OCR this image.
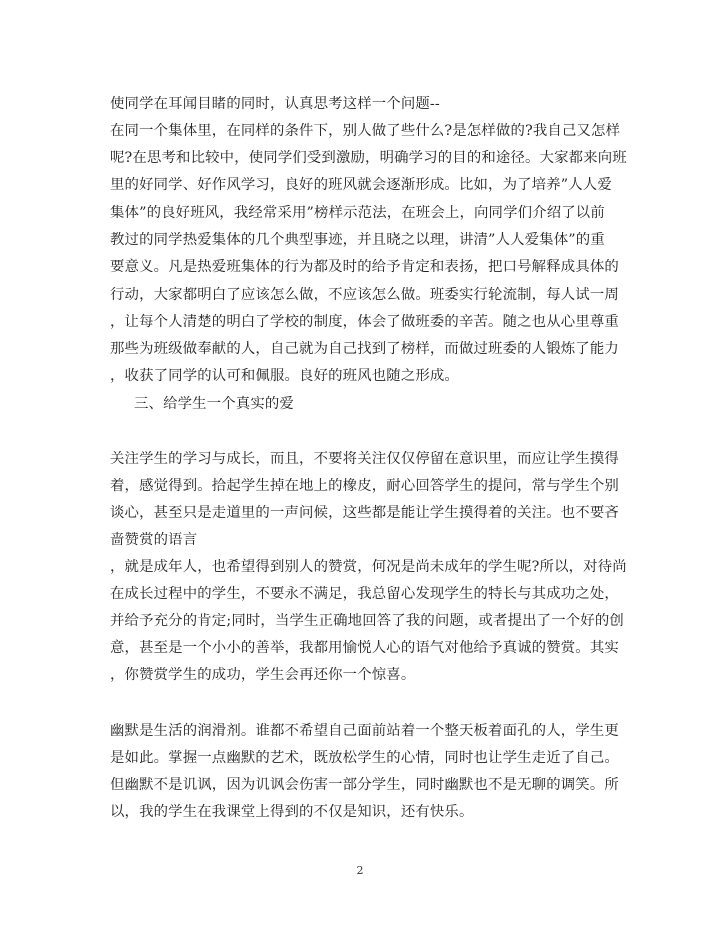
使同学在耳闻目睹的同时，认真思考这样一个问题--
在同一个集体里，在同样的条件下，别人做了些什么?是怎样做的?我自己又怎样
呢?在思考和比较中，使同学们受到激励，明确学习的目的和途径。大家都来向班
里的好同学、好作风学习，良好的班风就会逐渐形成。比如，为了培养”人人爱
集体”的良好班风，我经常采用”榜样示范法，在班会上，向同学们介绍了以前
教过的同学热爱集体的几个典型事迹，并且晓之以理，讲清”人人爱集体”的重
要意义。凡是热爱班集体的行为都及时的给予肯定和表扬，把口号解释成具体的
行动，大家都明白了应该怎么做，不应该怎么做。班委实行轮流制，每人试一周
，让每个人清楚的明白了学校的制度，体会了做班委的辛苦。随之也从心里尊重
那些为班级做奉献的人，自己就为自己找到了榜样，而做过班委的人锻炼了能力
，收获了同学的认可和佩服。良好的班风也随之形成。
三、给学生一个真实的爱
关注学生的学习与成长，而且，不要将关注仅仅停留在意识里，而应让学生摸得
着，感觉得到。拾起学生掉在地上的橡皮，耐心回答学生的提问，常与学生个别
谈心，甚至只是走道里的一声问候，这些都是能让学生摸得着的关注。也不要吝
啬赞赏的语言
，就是成年人，也希望得到别人的赞赏，何况是尚未成年的学生呢?所以，对待尚
在成长过程中的学生，不要永不满足，我总留心发现学生的特长与其成功之处，
并给予充分的肯定;同时，当学生正确地回答了我的问题，或者提出了一个好的创
意，甚至是一个小小的善举，我都用愉悦人心的语气对他给予真诚的赞赏。其实
，你赞赏学生的成功，学生会再还你一个惊喜。
幽默是生活的润滑剂。谁都不希望自己面前站着一个整天板着面孔的人，学生更
是如此。掌握一点幽默的艺术，既放松学生的心情，同时也让学生走近了自己。
但幽默不是讥讽，因为讥讽会伤害一部分学生，同时幽默也不是无聊的调笑。所
以，我的学生在我课堂上得到的不仅是知识，还有快乐。
2
